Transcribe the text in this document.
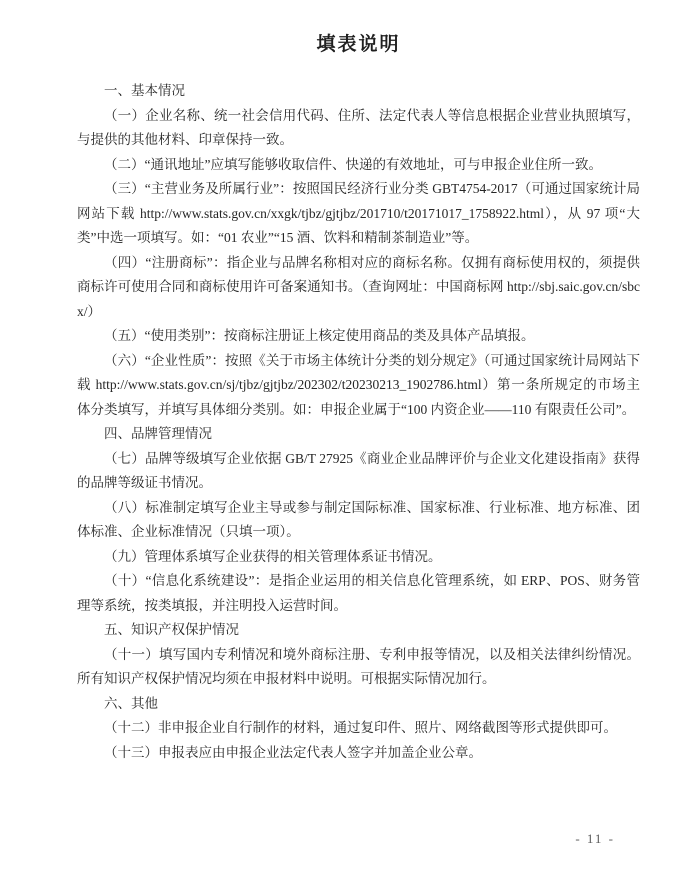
填表说明
一、基本情况

（一）企业名称、统一社会信用代码、住所、法定代表人等信息根据企业营业执照填写，与提供的其他材料、印章保持一致。

（二）“通讯地址”应填写能够收取信件、快递的有效地址，可与申报企业住所一致。

（三）“主营业务及所属行业”：按照国民经济行业分类 GBT4754-2017（可通过国家统计局网站下载 http://www.stats.gov.cn/xxgk/tjbz/gjtjbz/201710/t20171017_1758922.html），从 97 项“大类”中选一项填写。如：“01 农业”“15 酒、饮料和精制茶制造业”等。

（四）“注册商标”：指企业与品牌名称相对应的商标名称。仅拥有商标使用权的，须提供商标许可使用合同和商标使用许可备案通知书。（查询网址：中国商标网 http://sbj.saic.gov.cn/sbcx/）

（五）“使用类别”：按商标注册证上核定使用商品的类及具体产品填报。

（六）“企业性质”：按照《关于市场主体统计分类的划分规定》（可通过国家统计局网站下载 http://www.stats.gov.cn/sj/tjbz/gjtjbz/202302/t20230213_1902786.html）第一条所规定的市场主体分类填写，并填写具体细分类别。如：申报企业属于“100 内资企业——110 有限责任公司”。

四、品牌管理情况

（七）品牌等级填写企业依据 GB/T 27925《商业企业品牌评价与企业文化建设指南》获得的品牌等级证书情况。

（八）标准制定填写企业主导或参与制定国际标准、国家标准、行业标准、地方标准、团体标准、企业标准情况（只填一项）。

（九）管理体系填写企业获得的相关管理体系证书情况。

（十）“信息化系统建设”：是指企业运用的相关信息化管理系统，如 ERP、POS、财务管理等系统，按类填报，并注明投入运营时间。

五、知识产权保护情况

（十一）填写国内专利情况和境外商标注册、专利申报等情况，以及相关法律纠纷情况。所有知识产权保护情况均须在申报材料中说明。可根据实际情况加行。

六、其他

（十二）非申报企业自行制作的材料，通过复印件、照片、网络截图等形式提供即可。

（十三）申报表应由申报企业法定代表人签字并加盖企业公章。

- 11 -
